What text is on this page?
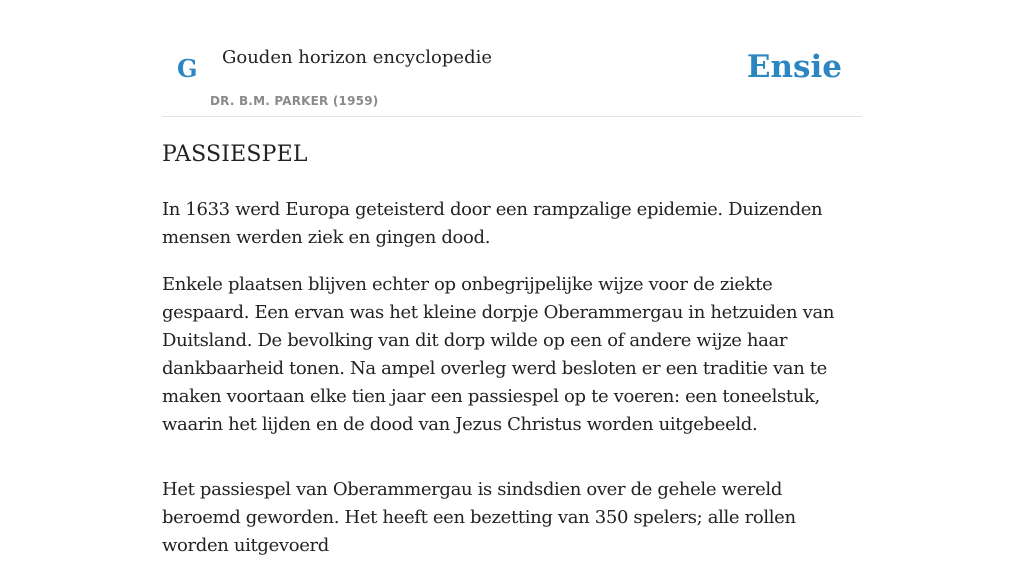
G Gouden horizon encyclopedie
DR. B.M. PARKER (1959)
Ensie
PASSIESPEL

In 1633 werd Europa geteisterd door een rampzalige epidemie. Duizenden mensen werden ziek en gingen dood.

Enkele plaatsen blijven echter op onbegrijpelijke wijze voor de ziekte gespaard. Een ervan was het kleine dorpje Oberammergau in hetzuiden van Duitsland. De bevolking van dit dorp wilde op een of andere wijze haar dankbaarheid tonen. Na ampel overleg werd besloten er een traditie van te maken voortaan elke tien jaar een passiespel op te voeren: een toneelstuk, waarin het lijden en de dood van Jezus Christus worden uitgebeeld.

Het passiespel van Oberammergau is sindsdien over de gehele wereld beroemd geworden. Het heeft een bezetting van 350 spelers; alle rollen worden uitgevoerd
